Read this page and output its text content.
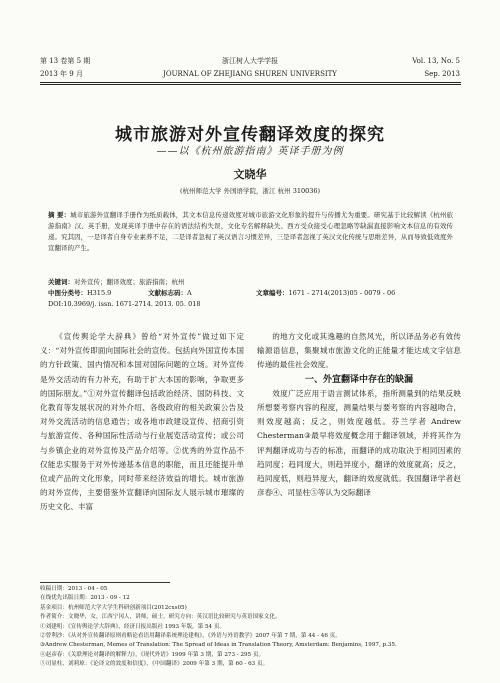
第 13 卷第 5 期
2013 年 9 月
浙江树人大学学报
JOURNAL OF ZHEJIANG SHUREN UNIVERSITY
Vol. 13, No. 5
Sep. 2013
城市旅游对外宣传翻译效度的探究
——以《杭州旅游指南》英译手册为例
文晓华
(杭州师范大学 外国语学院，浙江 杭州 310036)
摘 要：城市旅游外宣翻译手册作为纸质载体，其文本信息传递效度对城市旅游文化形象的提升与传播尤为重要。研究基于比较解读《杭州旅游指南》汉、英手册，发现英译手册中存在的语法结构失误、文化专名解释缺失、西方受众接受心理忽略等缺漏直接影响文本信息的有效传递。究其因，一是译者自身专业素养不足，二是译者忽视了英汉语言习惯差异，三是译者忽视了英汉文化传统与思维差异，从而导致低效度外宣翻译的产生。
关键词：对外宣传；翻译效度；旅游指南；杭州
中图分类号：H315.9	文献标志码：A	文章编号：1671 - 2714(2013)05 - 0079 - 06
DOI:10.3969/j. issn. 1671-2714. 2013. 05. 018

《宣传舆论学大辞典》曾给“对外宣传”做过如下定义：“对外宣传即面向国际社会的宣传。包括向外国宣传本国的方针政策、国内情况和本国对国际问题的立场。对外宣传是外交活动的有力补充，有助于扩大本国的影响，争取更多的国际朋友。”①对外宣传翻译包括政治经济、国防科技、文化教育等发展状况的对外介绍、各级政府的相关政策公告及对外交流活动的信息通告；或各地市政建设宣传、招商引资与旅游宣传、各种国际性活动与行业展览活动宣传；或公司与乡镇企业的对外宣传及产品介绍等。②优秀的外宣作品不仅能忠实服务于对外传递基本信息的职能，而且还能提升单位或产品的文化形象，同时带来经济效益的增长。城市旅游的对外宣传，主要借鉴外宣翻译向国际友人展示城市璀璨的历史文化、丰富

的地方文化或其逸趣的自然风光，所以译品务必有效传输源语信息，集聚城市旅游文化的正能量才能达成文字信息传递的最佳社会效度。

一、外宣翻译中存在的缺漏

效度广泛应用于语言测试体系，指所测量到的结果反映所想要考察内容的程度，测量结果与要考察的内容越吻合，则效度越高；反之，则效度越低。芬兰学者 Andrew Chesterman③最早将效度概念用于翻译领域，并将其作为评判翻译成功与否的标准，而翻译的成功取决于相同因素的趋同度；趋同度大，则趋异度小，翻译的效度就高；反之，趋同度低，则趋异度大，翻译的效度就低。我国翻译学者赵彦春④、司显柱⑤等认为交际翻译

收稿日期：2013 - 04 - 05
在线优先出版日期：2013 - 09 - 12
基金项目：杭州师范大学大学生科研创新项目(2012cxs05)
作者简介：文晓华，女，江西宁冈人，讲师，硕士，研究方向：英汉语比较研究与英语国家文化。
①刘建明：《宣传舆论学大辞典》，经济日报出版社 1993 年版，第 54 页。
②曾利沙：《从对外宣传翻译原则看略论看语用翻译系统理论建构》，《外语与外语教学》2007 年第 7 期，第 44 - 46 页。
③Andrew Chesterman, Memes of Translation: The Spread of Ideas in Translation Theory, Amsterdam: Benjamins, 1997, p.35.
④赵彦春：《关联理论对翻译的解释力》，《现代外语》1999 年第 3 期，第 273 - 295 页。
⑤司显柱、刘莉琼：《论译文的效度和信度》，《中国翻译》2009 年第 3 期，第 60 - 63 页。
